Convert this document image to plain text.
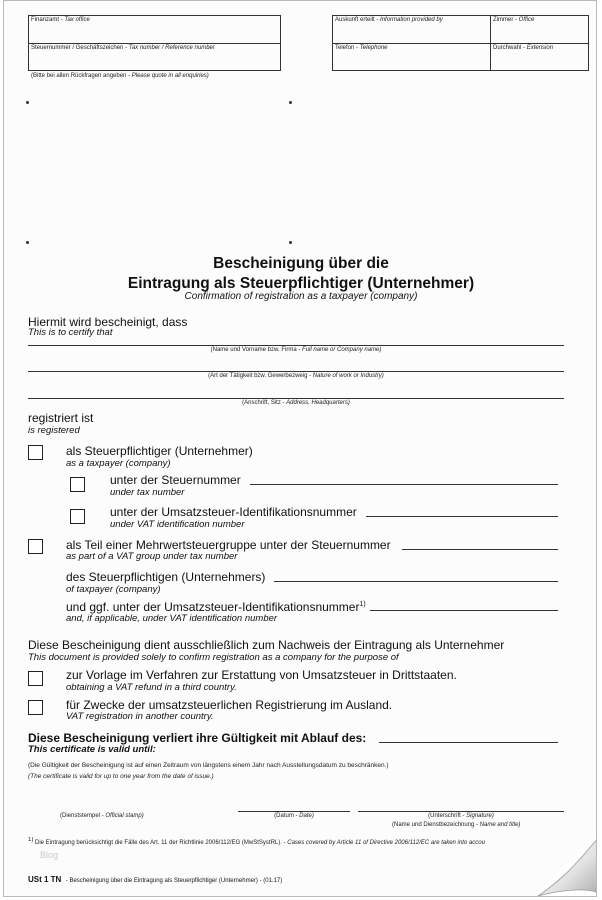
Finanzamt - Tax office
Steuernummer / Geschäftszeichen - Tax number / Reference number
(Bitte bei allen Rückfragen angeben - Please quote in all enquiries)
Auskunft erteilt - Information provided by	Zimmer - Office
Telefon - Telephone	Durchwahl - Extension
Bescheinigung über die
Eintragung als Steuerpflichtiger (Unternehmer)
Confirmation of registration as a taxpayer (company)
Hiermit wird bescheinigt, dass
This is to certify that
(Name und Vorname bzw. Firma - Full name or Company name)
(Art der Tätigkeit bzw. Gewerbezweig - Nature of work or Industry)
(Anschrift, Sitz - Address, Headquarters)
registriert ist
is registered
als Steuerpflichtiger (Unternehmer)
as a taxpayer (company)
unter der Steuernummer
under tax number
unter der Umsatzsteuer-Identifikationsnummer
under VAT identification number
als Teil einer Mehrwertsteuergruppe unter der Steuernummer
as part of a VAT group under tax number
des Steuerpflichtigen (Unternehmers)
of taxpayer (company)
und ggf. unter der Umsatzsteuer-Identifikationsnummer$^{1)}$
and, if applicable, under VAT identification number
Diese Bescheinigung dient ausschließlich zum Nachweis der Eintragung als Unternehmer
This document is provided solely to confirm registration as a company for the purpose of
zur Vorlage im Verfahren zur Erstattung von Umsatzsteuer in Drittstaaten.
obtaining a VAT refund in a third country.
für Zwecke der umsatzsteuerlichen Registrierung im Ausland.
VAT registration in another country.
Diese Bescheinigung verliert ihre Gültigkeit mit Ablauf des:
This certificate is valid until:
(Die Gültigkeit der Bescheinigung ist auf einen Zeitraum von längstens einem Jahr nach Ausstellungsdatum zu beschränken.)
(The certificate is valid for up to one year from the date of issue.)
(Dienststempel - Official stamp)	(Datum - Date)	(Unterschrift - Signature)
(Name und Dienstbezeichnung - Name and title)
$^{1)}$ Die Eintragung berücksichtigt die Fälle des Art. 11 der Richtlinie 2006/112/EG (MwStSystRL). - Cases covered by Article 11 of Directive 2006/112/EC are taken into accou
Blog
USt 1 TN - Bescheinigung über die Eintragung als Steuerpflichtiger (Unternehmer) - (01.17)
